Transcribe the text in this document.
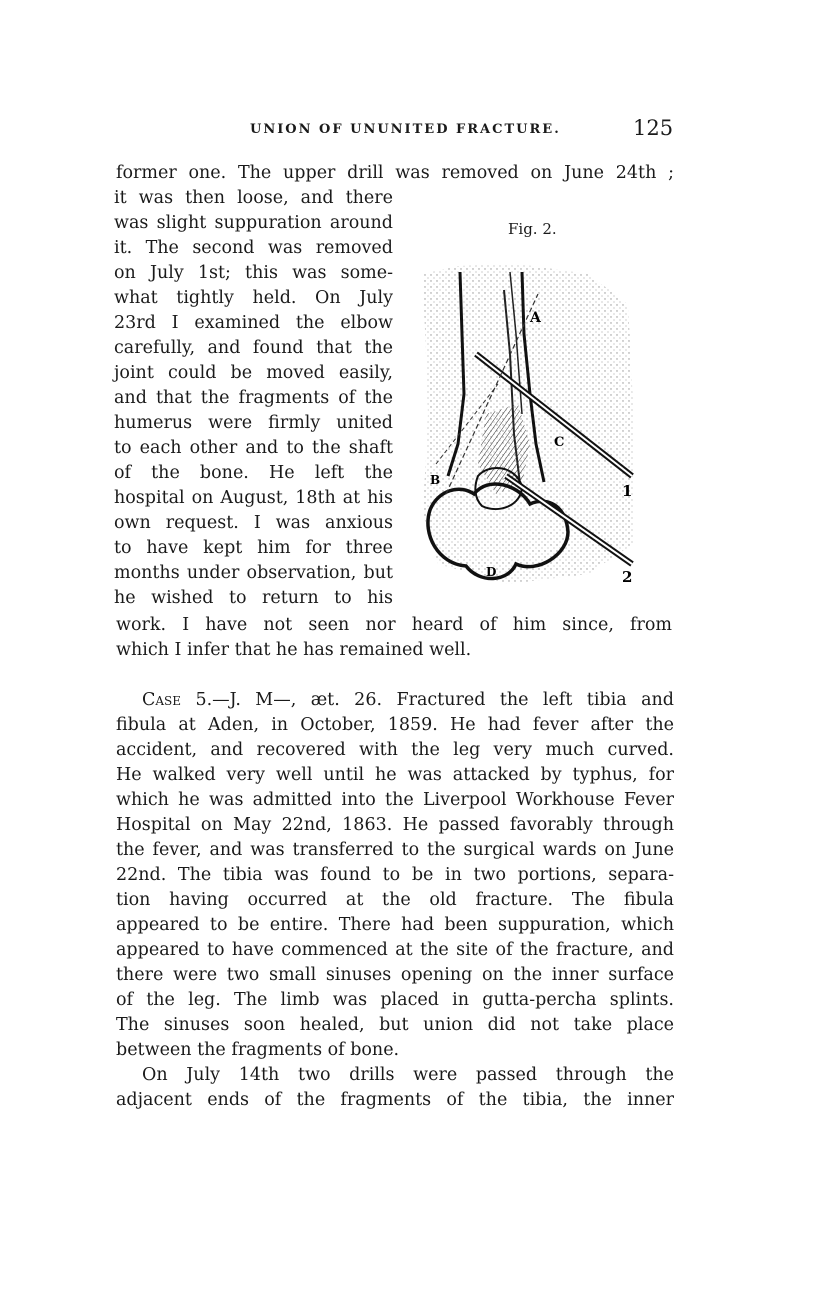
UNION OF UNUNITED FRACTURE.	125
former one. The upper drill was removed on June 24th ;
it was then loose, and there
was slight suppuration around
it. The second was removed
on July 1st; this was some-
what tightly held. On July
23rd I examined the elbow
carefully, and found that the
joint could be moved easily,
and that the fragments of the
humerus were firmly united
to each other and to the shaft
of the bone. He left the
hospital on August, 18th at his
own request. I was anxious
to have kept him for three
months under observation, but
he wished to return to his
work. I have not seen nor heard of him since, from
which I infer that he has remained well.
Case 5.—J. M—, æt. 26. Fractured the left tibia and
fibula at Aden, in October, 1859. He had fever after the
accident, and recovered with the leg very much curved.
He walked very well until he was attacked by typhus, for
which he was admitted into the Liverpool Workhouse Fever
Hospital on May 22nd, 1863. He passed favorably through
the fever, and was transferred to the surgical wards on June
22nd. The tibia was found to be in two portions, separa-
tion having occurred at the old fracture. The fibula
appeared to be entire. There had been suppuration, which
appeared to have commenced at the site of the fracture, and
there were two small sinuses opening on the inner surface
of the leg. The limb was placed in gutta-percha splints.
The sinuses soon healed, but union did not take place
between the fragments of bone.
On July 14th two drills were passed through the
adjacent ends of the fragments of the tibia, the inner
Fig. 2.
A
B
C
D
1
2
